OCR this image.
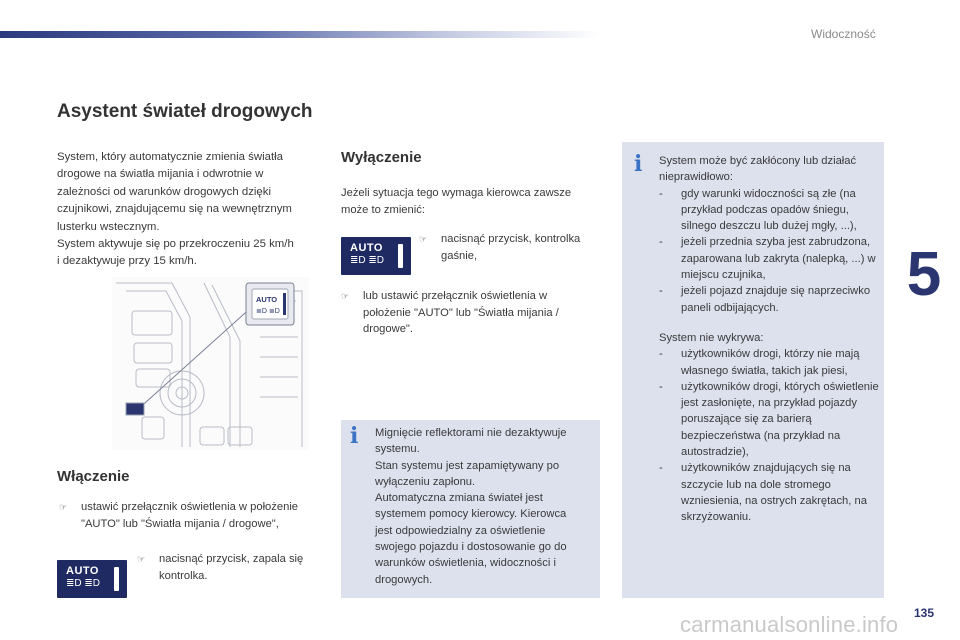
Widoczność
5
Asystent świateł drogowych
System, który automatycznie zmienia światła
drogowe na światła mijania i odwrotnie w
zależności od warunków drogowych dzięki
czujnikowi, znajdującemu się na wewnętrznym
lusterku wstecznym.
System aktywuje się po przekroczeniu 25 km/h
i dezaktywuje przy 15 km/h.
AUTO
≣D ≣D
Włączenie
☞	ustawić przełącznik oświetlenia w położenie "AUTO" lub "Światła mijania / drogowe",
AUTO
≣D ≣D
☞	nacisnąć przycisk, zapala się kontrolka.
Wyłączenie
Jeżeli sytuacja tego wymaga kierowca zawsze może to zmienić:
AUTO
≣D ≣D
☞	nacisnąć przycisk, kontrolka gaśnie,
☞	lub ustawić przełącznik oświetlenia w położenie "AUTO" lub "Światła mijania / drogowe".
i Mignięcie reflektorami nie dezaktywuje
systemu.
Stan systemu jest zapamiętywany po
wyłączeniu zapłonu.
Automatyczna zmiana świateł jest
systemem pomocy kierowcy. Kierowca
jest odpowiedzialny za oświetlenie
swojego pojazdu i dostosowanie go do
warunków oświetlenia, widoczności i
drogowych.
i System może być zakłócony lub działać nieprawidłowo:
- gdy warunki widoczności są złe (na przykład podczas opadów śniegu, silnego deszczu lub dużej mgły, ...),
- jeżeli przednia szyba jest zabrudzona, zaparowana lub zakryta (nalepką, ...) w miejscu czujnika,
- jeżeli pojazd znajduje się naprzeciwko paneli odbijających.
System nie wykrywa:
- użytkowników drogi, którzy nie mają własnego światła, takich jak piesi,
- użytkowników drogi, których oświetlenie jest zasłonięte, na przykład pojazdy poruszające się za barierą bezpieczeństwa (na przykład na autostradzie),
- użytkowników znajdujących się na szczycie lub na dole stromego wzniesienia, na ostrych zakrętach, na skrzyżowaniu.
carmanualsonline.info 135
